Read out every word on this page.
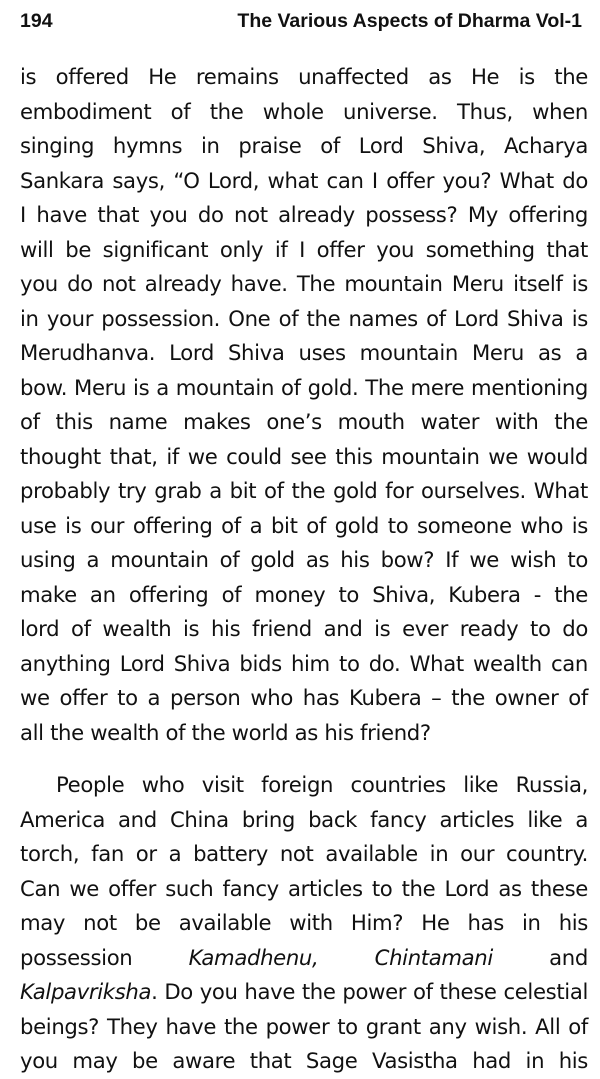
194	The Various Aspects of Dharma Vol-1
is offered He remains unaffected as He is the
embodiment of the whole universe. Thus, when
singing hymns in praise of Lord Shiva, Acharya
Sankara says, “O Lord, what can I offer you? What do
I have that you do not already possess? My offering
will be significant only if I offer you something that
you do not already have. The mountain Meru itself is
in your possession. One of the names of Lord Shiva is
Merudhanva. Lord Shiva uses mountain Meru as a
bow. Meru is a mountain of gold. The mere mentioning
of this name makes one’s mouth water with the
thought that, if we could see this mountain we would
probably try grab a bit of the gold for ourselves. What
use is our offering of a bit of gold to someone who is
using a mountain of gold as his bow? If we wish to
make an offering of money to Shiva, Kubera - the
lord of wealth is his friend and is ever ready to do
anything Lord Shiva bids him to do. What wealth can
we offer to a person who has Kubera – the owner of
all the wealth of the world as his friend?
People who visit foreign countries like Russia,
America and China bring back fancy articles like a
torch, fan or a battery not available in our country.
Can we offer such fancy articles to the Lord as these
may not be available with Him? He has in his
possession	Kamadhenu,	Chintamani	and
Kalpavriksha. Do you have the power of these celestial
beings? They have the power to grant any wish. All of
you may be aware that Sage Vasistha had in his
